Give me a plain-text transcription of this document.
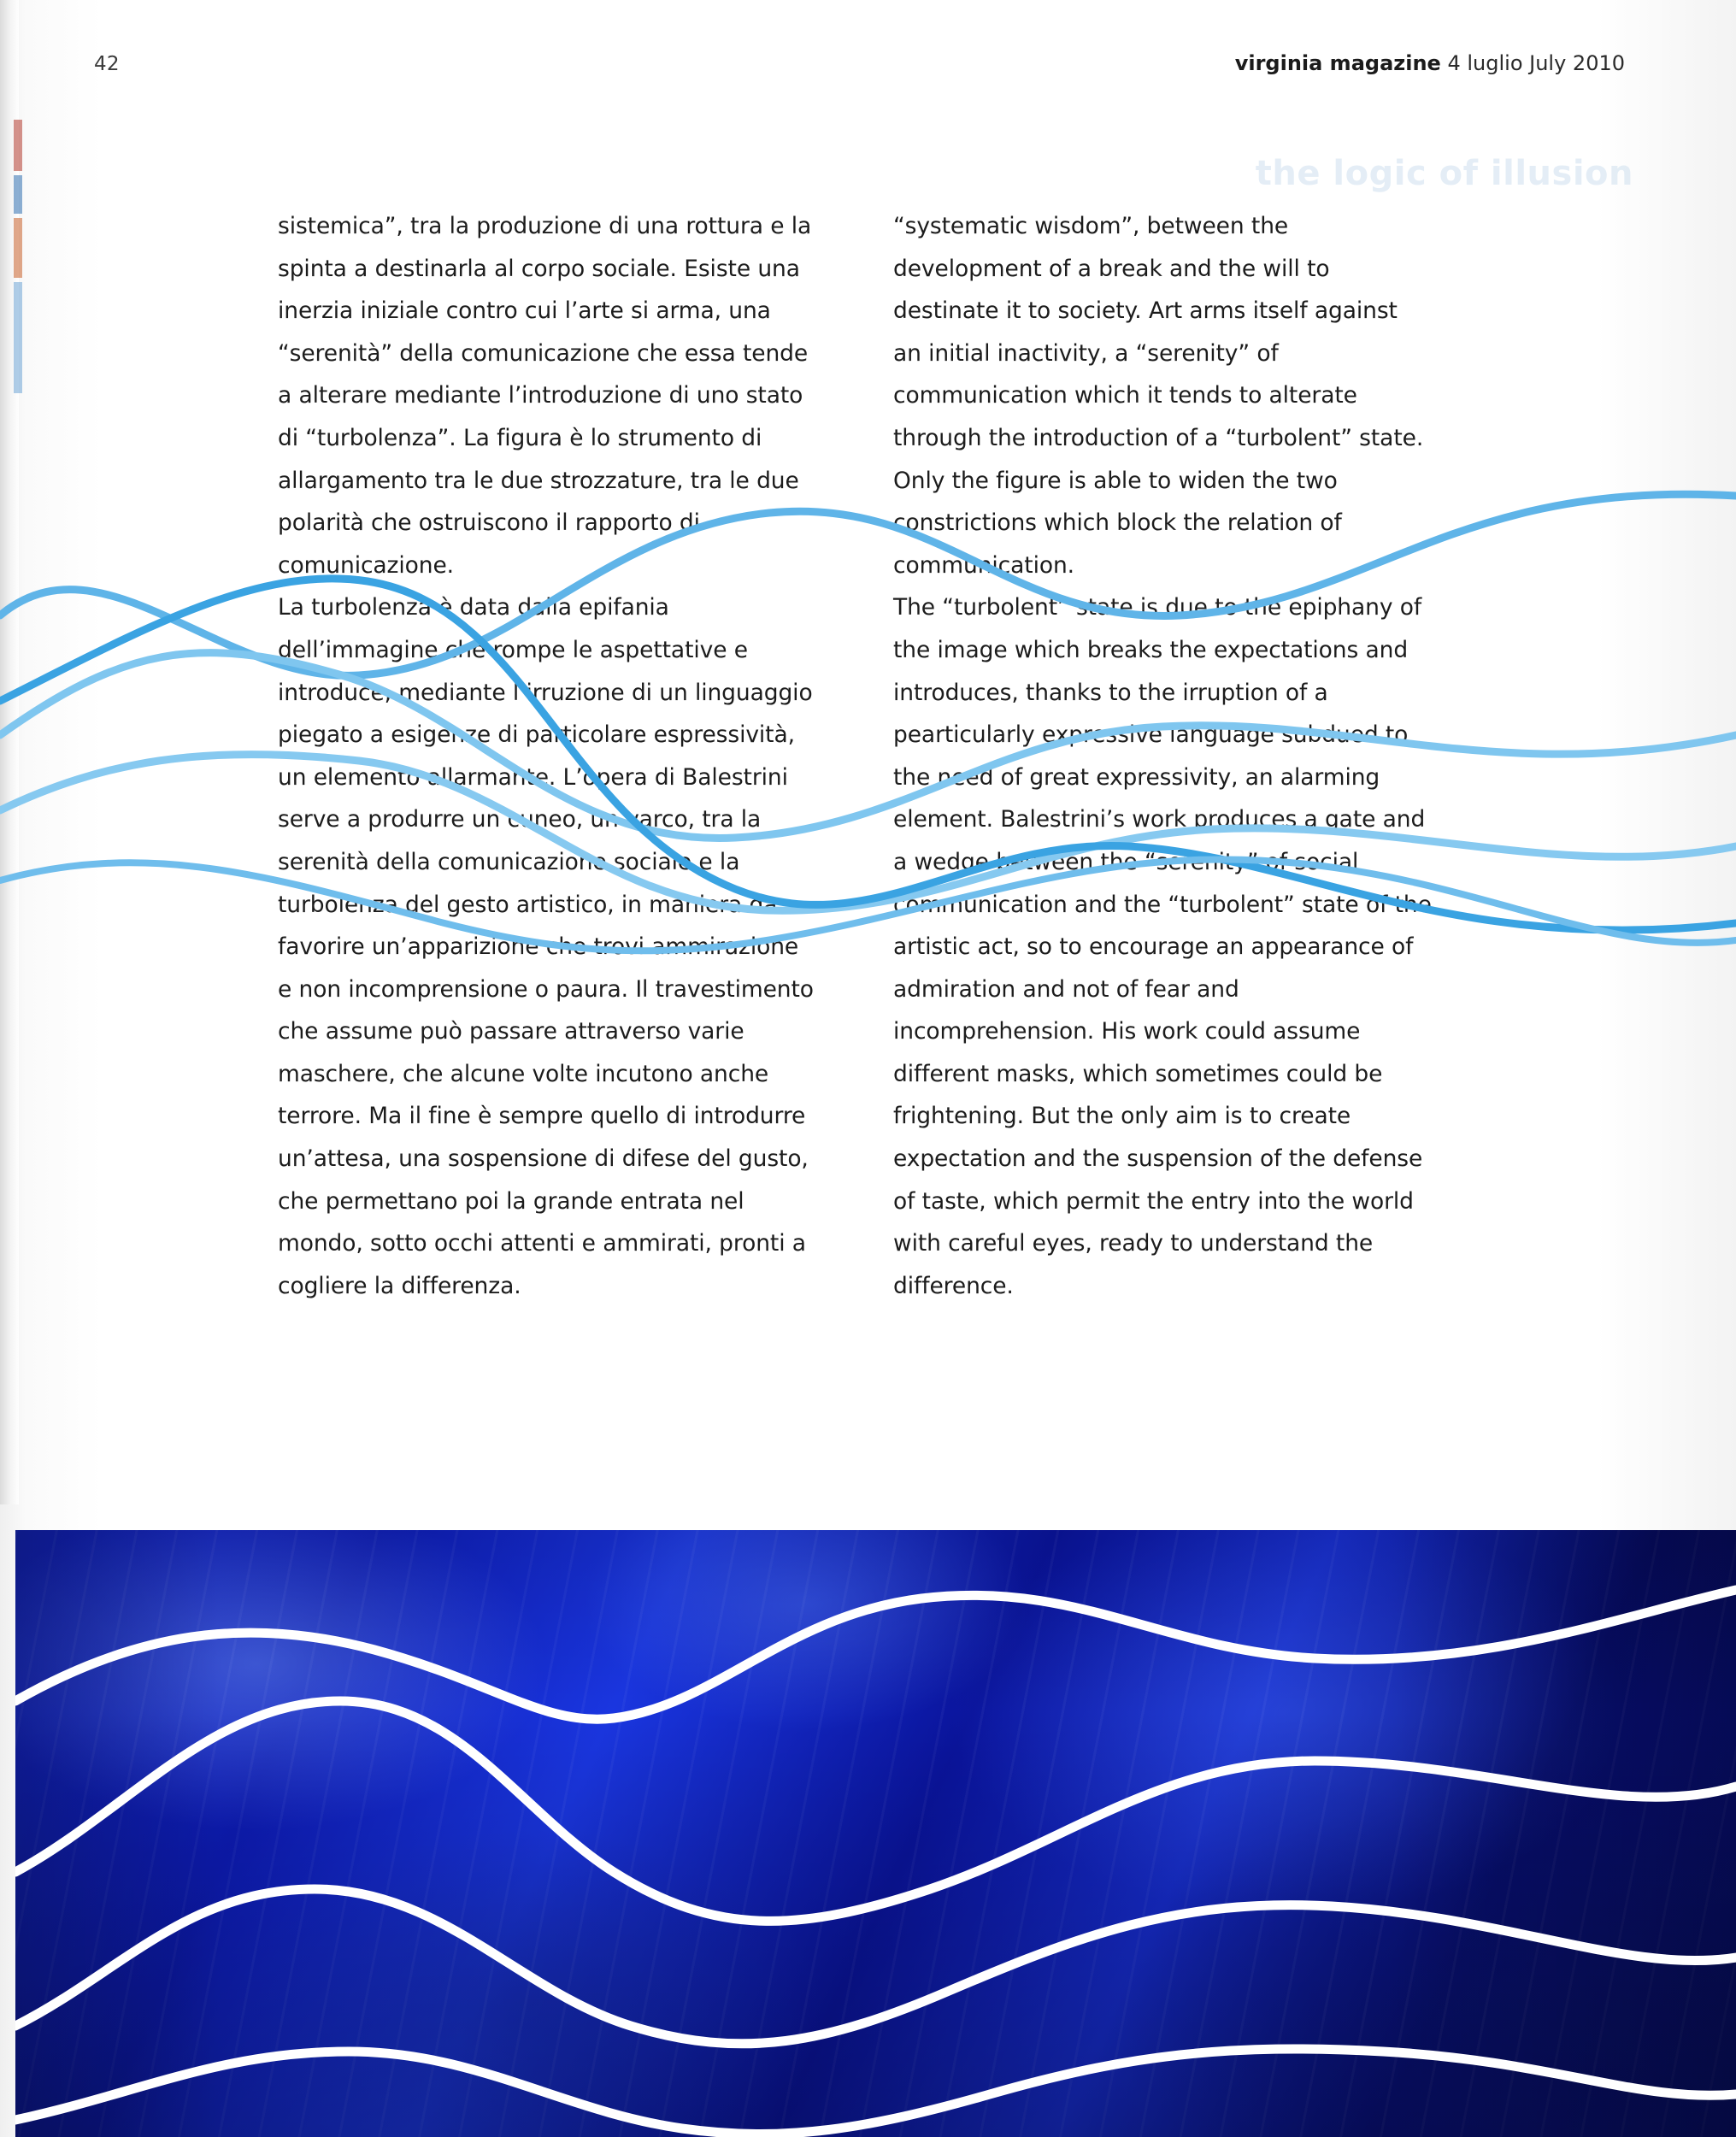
42	virginia magazine 4 luglio July 2010
the logic of illusion

sistemica”, tra la produzione di una rottura e la spinta a destinarla al corpo sociale. Esiste una inerzia iniziale contro cui l’arte si arma, una “serenità” della comunicazione che essa tende a alterare mediante l’introduzione di uno stato di “turbolenza”. La figura è lo strumento di allargamento tra le due strozzature, tra le due polarità che ostruiscono il rapporto di comunicazione.

La turbolenza è data dalla epifania dell’immagine che rompe le aspettative e introduce, mediante l’irruzione di un linguaggio piegato a esigenze di particolare espressività, un elemento allarmante. L’opera di Balestrini serve a produrre un cuneo, un varco, tra la serenità della comunicazione sociale e la turbolenza del gesto artistico, in maniera da favorire un’apparizione che trovi ammirazione e non incomprensione o paura. Il travestimento che assume può passare attraverso varie maschere, che alcune volte incutono anche terrore. Ma il fine è sempre quello di introdurre un’attesa, una sospensione di difese del gusto, che permettano poi la grande entrata nel mondo, sotto occhi attenti e ammirati, pronti a cogliere la differenza.

“systematic wisdom”, between the development of a break and the will to destinate it to society. Art arms itself against an initial inactivity, a “serenity” of communication which it tends to alterate through the introduction of a “turbolent” state. Only the figure is able to widen the two constrictions which block the relation of communication.

The “turbolent” state is due to the epiphany of the image which breaks the expectations and introduces, thanks to the irruption of a pearticularly expressive language subdued to the need of great expressivity, an alarming element. Balestrini’s work produces a gate and a wedge between the “serenity” of social communication and the “turbolent” state of the artistic act, so to encourage an appearance of admiration and not of fear and incomprehension. His work could assume different masks, which sometimes could be frightening. But the only aim is to create expectation and the suspension of the defense of taste, which permit the entry into the world with careful eyes, ready to understand the difference.
